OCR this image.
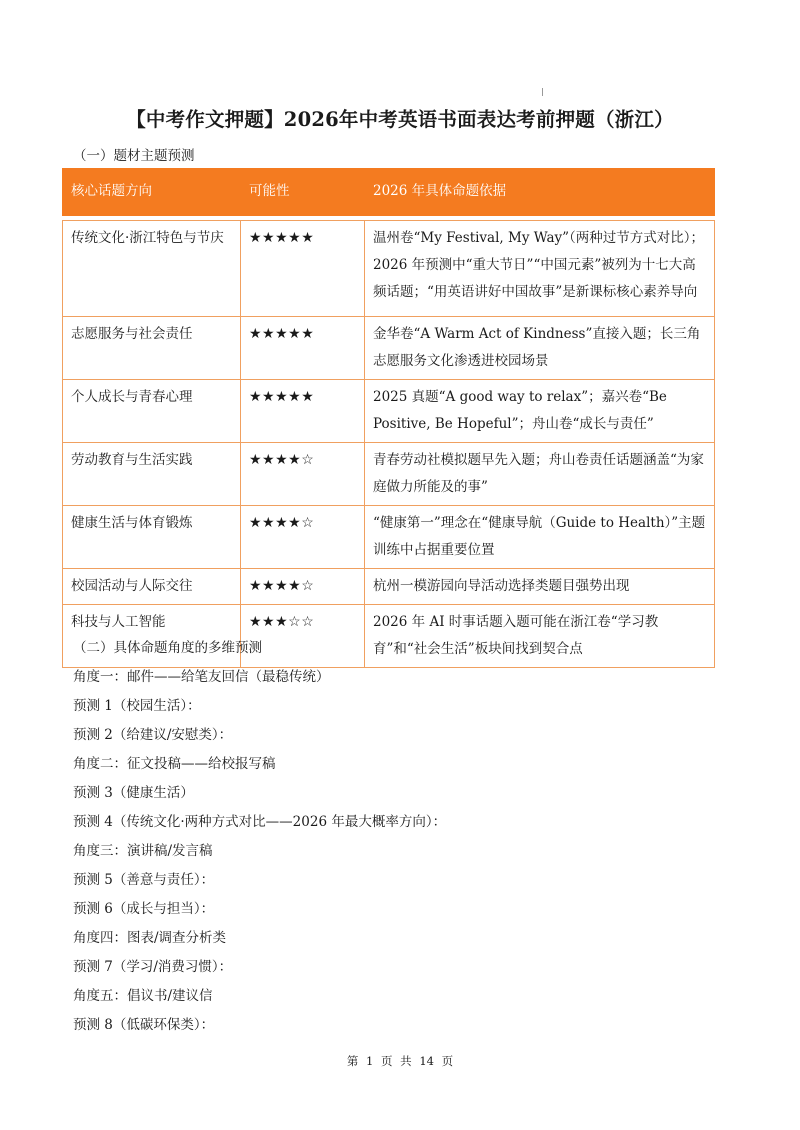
【中考作文押题】2026年中考英语书面表达考前押题（浙江）
（一）题材主题预测
核心话题方向	可能性	2026 年具体命题依据

传统文化·浙江特色与节庆	★★★★★	温州卷“My Festival, My Way”（两种过节方式对比）；2026 年预测中“重大节日”“中国元素”被列为十七大高频话题；“用英语讲好中国故事”是新课标核心素养导向
志愿服务与社会责任	★★★★★	金华卷“A Warm Act of Kindness”直接入题；长三角志愿服务文化渗透进校园场景
个人成长与青春心理	★★★★★	2025 真题“A good way to relax”；嘉兴卷“Be Positive, Be Hopeful”；舟山卷“成长与责任”
劳动教育与生活实践	★★★★☆	青春劳动社模拟题早先入题；舟山卷责任话题涵盖“为家庭做力所能及的事”
健康生活与体育锻炼	★★★★☆	“健康第一”理念在“健康导航（Guide to Health）”主题训练中占据重要位置
校园活动与人际交往	★★★★☆	杭州一模游园向导活动选择类题目强势出现
科技与人工智能	★★★☆☆	2026 年 AI 时事话题入题可能在浙江卷“学习教育”和“社会生活”板块间找到契合点
（二）具体命题角度的多维预测
角度一：邮件——给笔友回信（最稳传统）
预测 1（校园生活）：
预测 2（给建议/安慰类）：
角度二：征文投稿——给校报写稿
预测 3（健康生活）
预测 4（传统文化·两种方式对比——2026 年最大概率方向）：
角度三：演讲稿/发言稿
预测 5（善意与责任）：
预测 6（成长与担当）：
角度四：图表/调查分析类
预测 7（学习/消费习惯）：
角度五：倡议书/建议信
预测 8（低碳环保类）：
第 1 页 共 14 页
